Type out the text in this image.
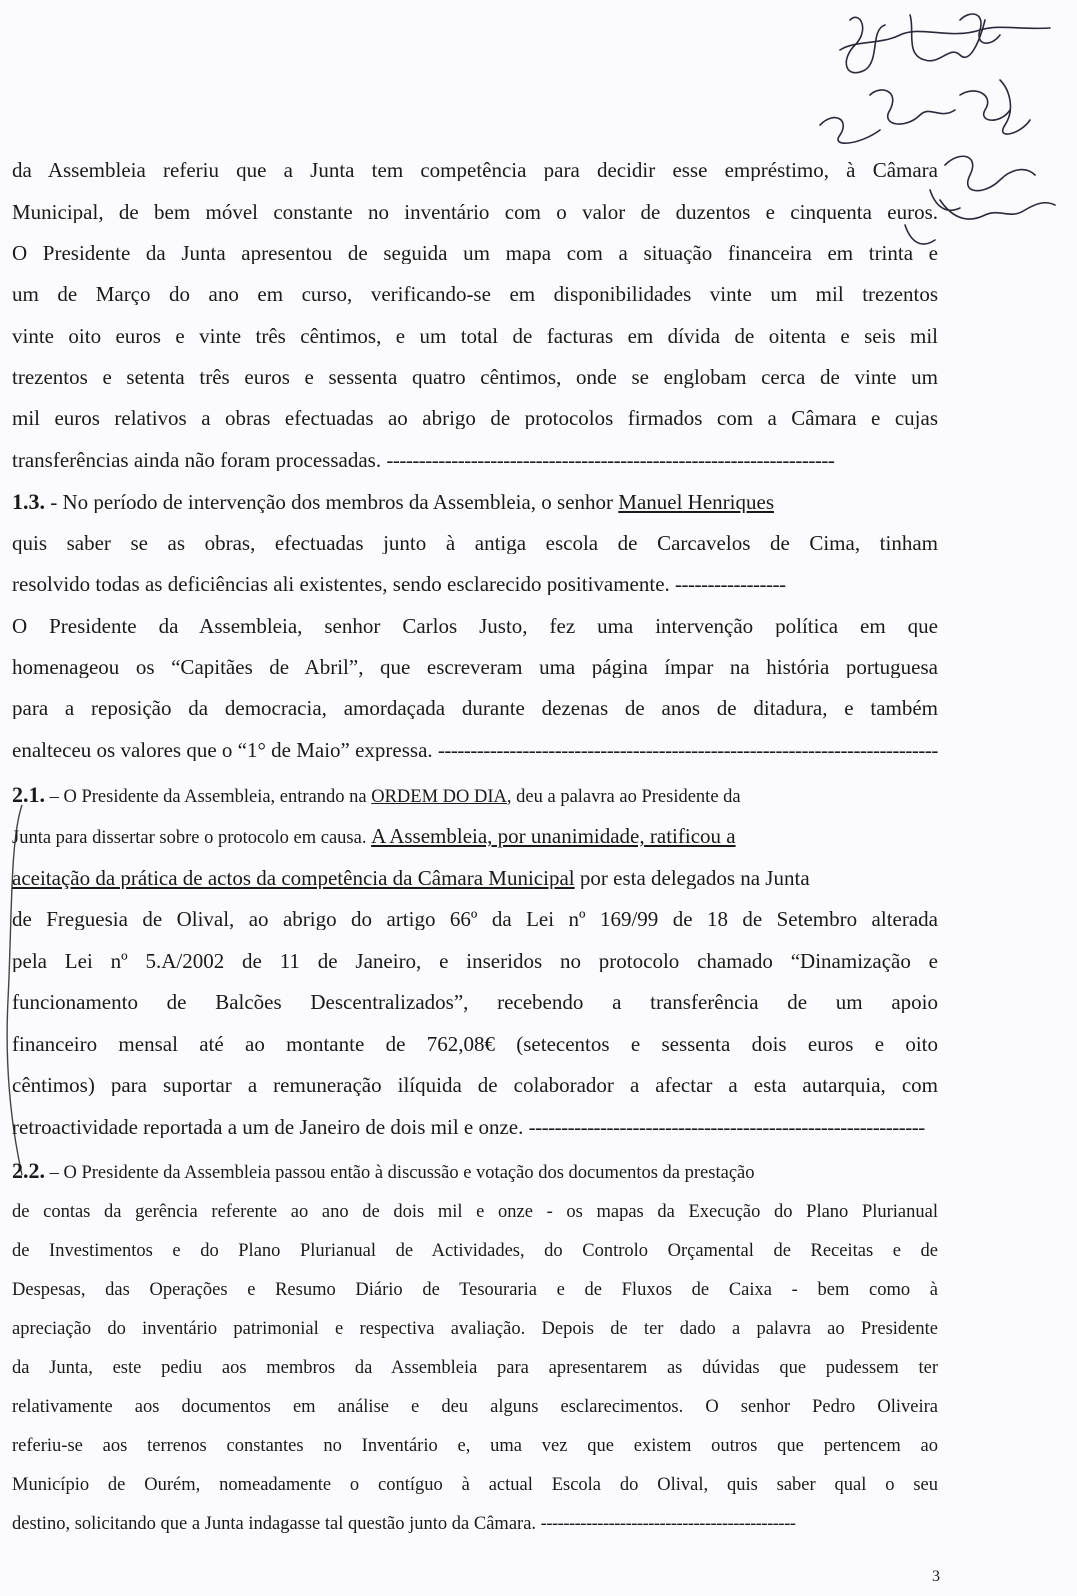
da Assembleia referiu que a Junta tem competência para decidir esse empréstimo, à Câmara
Municipal, de bem móvel constante no inventário com o valor de duzentos e cinquenta euros.
O Presidente da Junta apresentou de seguida um mapa com a situação financeira em trinta e
um de Março do ano em curso, verificando-se em disponibilidades vinte um mil trezentos
vinte oito euros e vinte três cêntimos, e um total de facturas em dívida de oitenta e seis mil
trezentos e setenta três euros e sessenta quatro cêntimos, onde se englobam cerca de vinte um
mil euros relativos a obras efectuadas ao abrigo de protocolos firmados com a Câmara e cujas
transferências ainda não foram processadas. ---------------------------------------------------------------------
1.3. - No período de intervenção dos membros da Assembleia, o senhor Manuel Henriques
quis saber se as obras, efectuadas junto à antiga escola de Carcavelos de Cima, tinham
resolvido todas as deficiências ali existentes, sendo esclarecido positivamente. -----------------
O Presidente da Assembleia, senhor Carlos Justo, fez uma intervenção política em que
homenageou os “Capitães de Abril”, que escreveram uma página ímpar na história portuguesa
para a reposição da democracia, amordaçada durante dezenas de anos de ditadura, e também
enalteceu os valores que o “1° de Maio” expressa. -----------------------------------------------------------------------------
2.1. – O Presidente da Assembleia, entrando na ORDEM DO DIA, deu a palavra ao Presidente da
Junta para dissertar sobre o protocolo em causa. A Assembleia, por unanimidade, ratificou a
aceitação da prática de actos da competência da Câmara Municipal por esta delegados na Junta
de Freguesia de Olival, ao abrigo do artigo 66º da Lei nº 169/99 de 18 de Setembro alterada
pela Lei nº 5.A/2002 de 11 de Janeiro, e inseridos no protocolo chamado “Dinamização e
funcionamento de Balcões Descentralizados”, recebendo a transferência de um apoio
financeiro mensal até ao montante de 762,08€ (setecentos e sessenta dois euros e oito
cêntimos) para suportar a remuneração ilíquida de colaborador a afectar a esta autarquia, com
retroactividade reportada a um de Janeiro de dois mil e onze. -------------------------------------------------------------
2.2. – O Presidente da Assembleia passou então à discussão e votação dos documentos da prestação
de contas da gerência referente ao ano de dois mil e onze - os mapas da Execução do Plano Plurianual
de Investimentos e do Plano Plurianual de Actividades, do Controlo Orçamental de Receitas e de
Despesas, das Operações e Resumo Diário de Tesouraria e de Fluxos de Caixa - bem como à
apreciação do inventário patrimonial e respectiva avaliação. Depois de ter dado a palavra ao Presidente
da Junta, este pediu aos membros da Assembleia para apresentarem as dúvidas que pudessem ter
relativamente aos documentos em análise e deu alguns esclarecimentos. O senhor Pedro Oliveira
referiu-se aos terrenos constantes no Inventário e, uma vez que existem outros que pertencem ao
Município de Ourém, nomeadamente o contíguo à actual Escola do Olival, quis saber qual o seu
destino, solicitando que a Junta indagasse tal questão junto da Câmara. ---------------------------------------------
3
